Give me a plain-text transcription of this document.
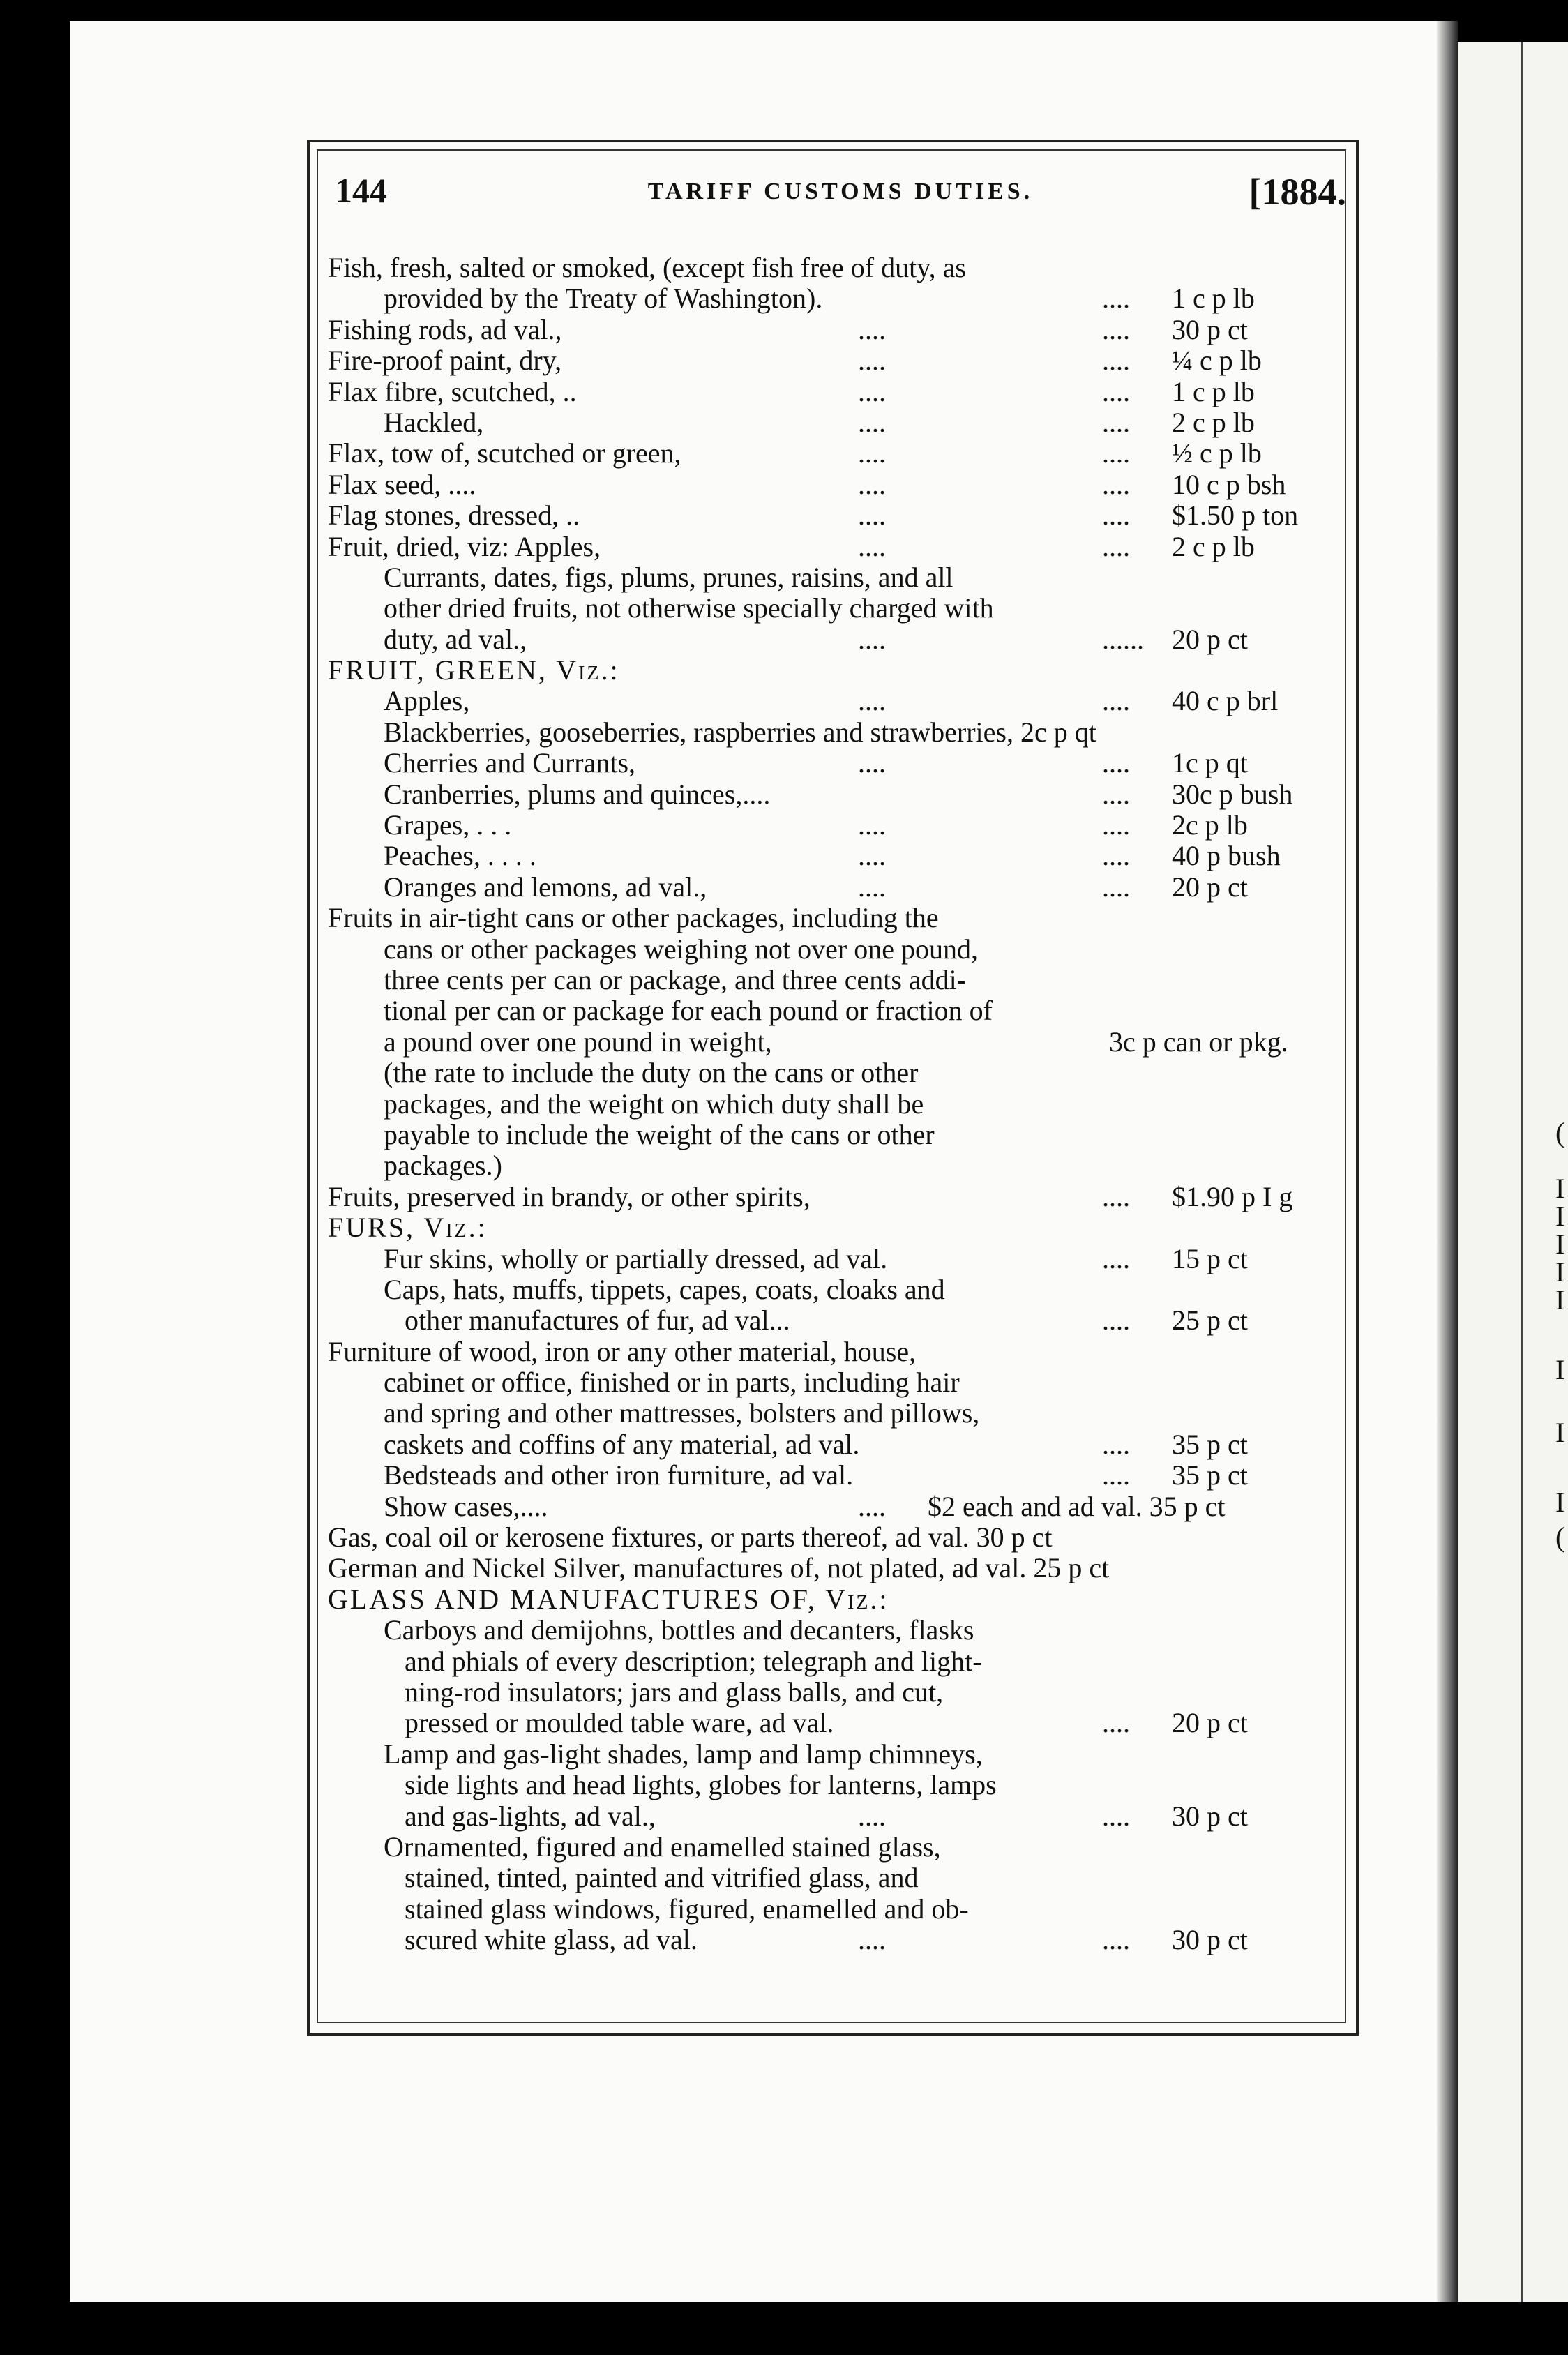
(
I
I
I
I
I
I
I
I
(
144	TARIFF CUSTOMS DUTIES.	[1884.
Fish, fresh, salted or smoked, (except fish free of duty, as
provided by the Treaty of Washington).	.... 1 c p lb
Fishing rods, ad val.,	....	.... 30 p ct
Fire-proof paint, dry,	....	.... ¼ c p lb
Flax fibre, scutched, ..	....	.... 1 c p lb
Hackled,	....	.... 2 c p lb
Flax, tow of, scutched or green,	....	.... ½ c p lb
Flax seed, ....	....	.... 10 c p bsh
Flag stones, dressed, ..	....	.... $1.50 p ton
Fruit, dried, viz: Apples,	....	.... 2 c p lb
Currants, dates, figs, plums, prunes, raisins, and all
other dried fruits, not otherwise specially charged with
duty, ad val.,	....	...... 20 p ct
FRUIT, GREEN, Viz.:
Apples,	....	.... 40 c p brl
Blackberries, gooseberries, raspberries and strawberries, 2c p qt
Cherries and Currants,	....	.... 1c p qt
Cranberries, plums and quinces,....	.... 30c p bush
Grapes, . . .	....	.... 2c p lb
Peaches, . . . .	....	.... 40 p bush
Oranges and lemons, ad val.,	....	.... 20 p ct
Fruits in air-tight cans or other packages, including the
cans or other packages weighing not over one pound,
three cents per can or package, and three cents addi-
tional per can or package for each pound or fraction of
a pound over one pound in weight,	3c p can or pkg.
(the rate to include the duty on the cans or other
packages, and the weight on which duty shall be
payable to include the weight of the cans or other
packages.)
Fruits, preserved in brandy, or other spirits,	.... $1.90 p I g
FURS, Viz.:
Fur skins, wholly or partially dressed, ad val.	.... 15 p ct
Caps, hats, muffs, tippets, capes, coats, cloaks and
other manufactures of fur, ad val...	.... 25 p ct
Furniture of wood, iron or any other material, house,
cabinet or office, finished or in parts, including hair
and spring and other mattresses, bolsters and pillows,
caskets and coffins of any material, ad val.	.... 35 p ct
Bedsteads and other iron furniture, ad val.	.... 35 p ct
Show cases,....	.... $2 each and ad val. 35 p ct
Gas, coal oil or kerosene fixtures, or parts thereof, ad val. 30 p ct
German and Nickel Silver, manufactures of, not plated, ad val. 25 p ct
GLASS AND MANUFACTURES OF, Viz.:
Carboys and demijohns, bottles and decanters, flasks
and phials of every description; telegraph and light-
ning-rod insulators; jars and glass balls, and cut,
pressed or moulded table ware, ad val.	.... 20 p ct
Lamp and gas-light shades, lamp and lamp chimneys,
side lights and head lights, globes for lanterns, lamps
and gas-lights, ad val.,	....	.... 30 p ct
Ornamented, figured and enamelled stained glass,
stained, tinted, painted and vitrified glass, and
stained glass windows, figured, enamelled and ob-
scured white glass, ad val.	....	.... 30 p ct
